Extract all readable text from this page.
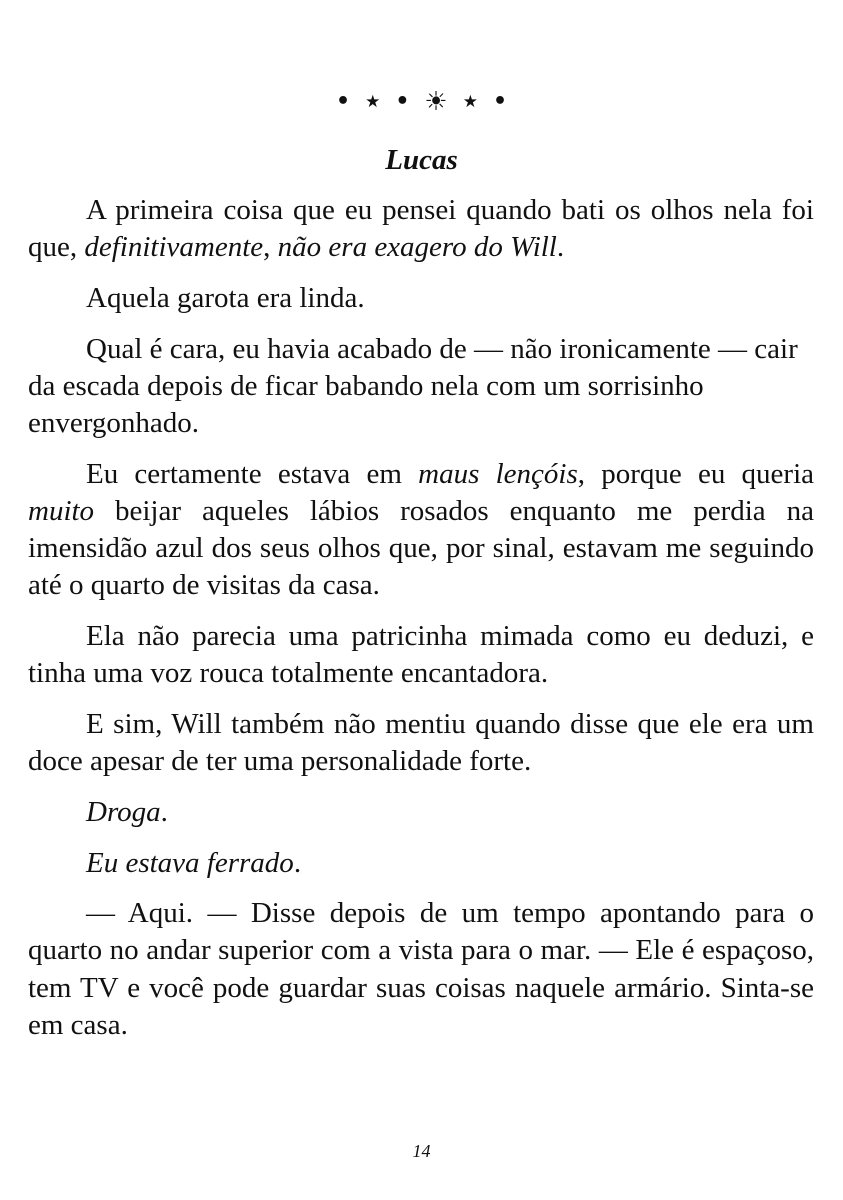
• ★ • ☀ ★ •
Lucas

A primeira coisa que eu pensei quando bati os olhos nela foi que, definitivamente, não era exagero do Will.

Aquela garota era linda.

Qual é cara, eu havia acabado de — não ironicamente — cair da escada depois de ficar babando nela com um sorrisinho envergonhado.

Eu certamente estava em maus lençóis, porque eu queria muito beijar aqueles lábios rosados enquanto me perdia na imensidão azul dos seus olhos que, por sinal, estavam me seguindo até o quarto de visitas da casa.

Ela não parecia uma patricinha mimada como eu deduzi, e tinha uma voz rouca totalmente encantadora.

E sim, Will também não mentiu quando disse que ele era um doce apesar de ter uma personalidade forte.

Droga.

Eu estava ferrado.

— Aqui. — Disse depois de um tempo apontando para o quarto no andar superior com a vista para o mar. — Ele é espaçoso, tem TV e você pode guardar suas coisas naquele armário. Sinta-se em casa.

14
